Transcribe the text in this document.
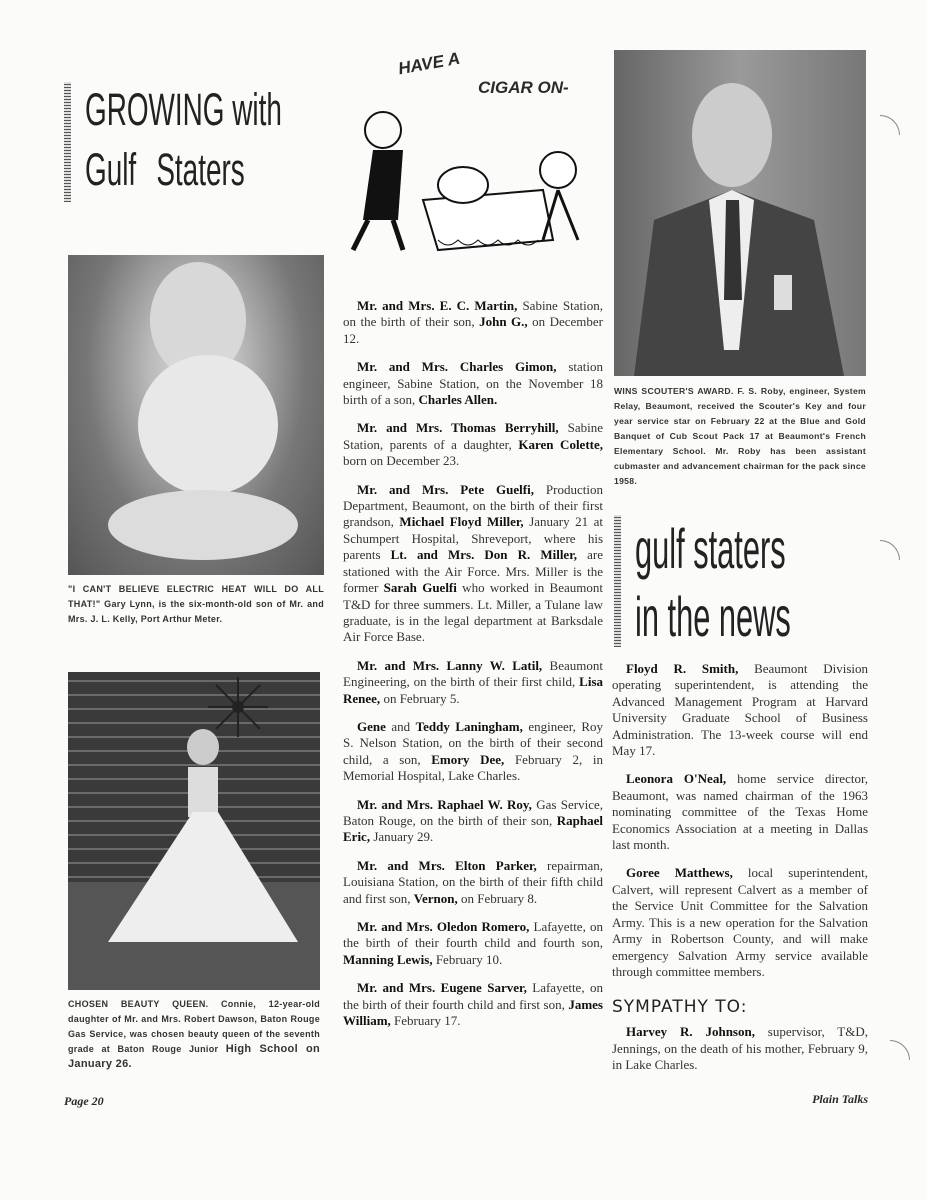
GROWING with
Gulf Staters
"I CAN'T BELIEVE ELECTRIC HEAT WILL DO ALL THAT!" Gary Lynn, is the six-month-old son of Mr. and Mrs. J. L. Kelly, Port Arthur Meter.
CHOSEN BEAUTY QUEEN. Connie, 12-year-old daughter of Mr. and Mrs. Robert Dawson, Baton Rouge Gas Service, was chosen beauty queen of the seventh grade at Baton Rouge Junior High School on January 26.
Page 20
HAVE A
CIGAR ON-

Mr. and Mrs. E. C. Martin, Sabine Station, on the birth of their son, John G., on December 12.

Mr. and Mrs. Charles Gimon, station engineer, Sabine Station, on the November 18 birth of a son, Charles Allen.

Mr. and Mrs. Thomas Berryhill, Sabine Station, parents of a daughter, Karen Colette, born on December 23.

Mr. and Mrs. Pete Guelfi, Production Department, Beaumont, on the birth of their first grandson, Michael Floyd Miller, January 21 at Schumpert Hospital, Shreveport, where his parents Lt. and Mrs. Don R. Miller, are stationed with the Air Force. Mrs. Miller is the former Sarah Guelfi who worked in Beaumont T&D for three summers. Lt. Miller, a Tulane law graduate, is in the legal department at Barksdale Air Force Base.

Mr. and Mrs. Lanny W. Latil, Beaumont Engineering, on the birth of their first child, Lisa Renee, on February 5.

Gene and Teddy Laningham, engineer, Roy S. Nelson Station, on the birth of their second child, a son, Emory Dee, February 2, in Memorial Hospital, Lake Charles.

Mr. and Mrs. Raphael W. Roy, Gas Service, Baton Rouge, on the birth of their son, Raphael Eric, January 29.

Mr. and Mrs. Elton Parker, repairman, Louisiana Station, on the birth of their fifth child and first son, Vernon, on February 8.

Mr. and Mrs. Oledon Romero, Lafayette, on the birth of their fourth child and fourth son, Manning Lewis, February 10.

Mr. and Mrs. Eugene Sarver, Lafayette, on the birth of their fourth child and first son, James William, February 17.

WINS SCOUTER'S AWARD. F. S. Roby, engineer, System Relay, Beaumont, received the Scouter's Key and four year service star on February 22 at the Blue and Gold Banquet of Cub Scout Pack 17 at Beaumont's French Elementary School. Mr. Roby has been assistant cubmaster and advancement chairman for the pack since 1958.
gulf staters
in the news

Floyd R. Smith, Beaumont Division operating superintendent, is attending the Advanced Management Program at Harvard University Graduate School of Business Administration. The 13-week course will end May 17.

Leonora O'Neal, home service director, Beaumont, was named chairman of the 1963 nominating committee of the Texas Home Economics Association at a meeting in Dallas last month.

Goree Matthews, local superintendent, Calvert, will represent Calvert as a member of the Service Unit Committee for the Salvation Army. This is a new operation for the Salvation Army in Robertson County, and will make emergency Salvation Army service available through committee members.

SYMPATHY TO:

Harvey R. Johnson, supervisor, T&D, Jennings, on the death of his mother, February 9, in Lake Charles.

Plain Talks
